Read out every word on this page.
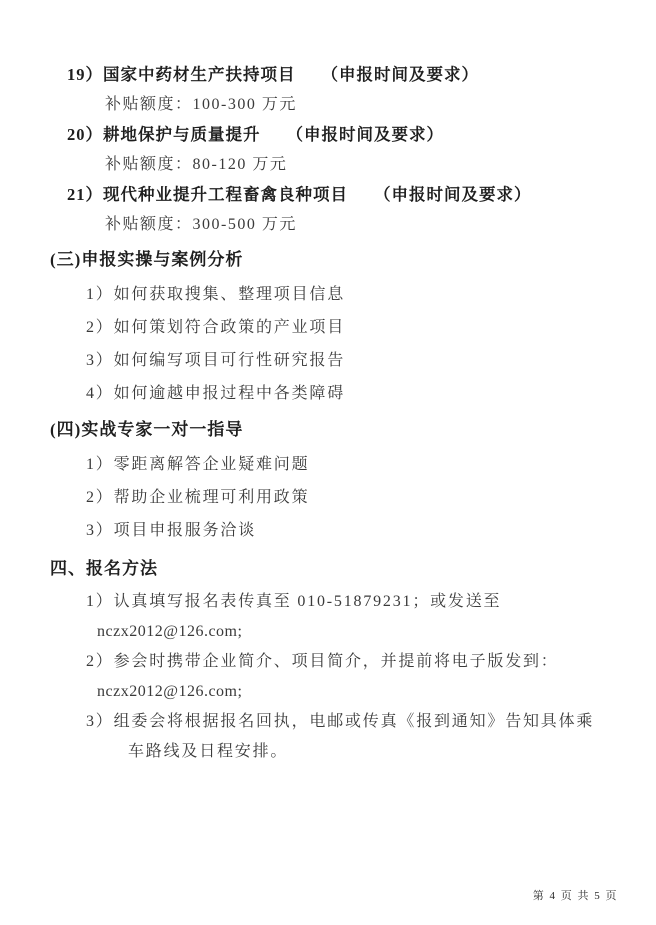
19）国家中药材生产扶持项目 （申报时间及要求）
补贴额度：100-300 万元
20）耕地保护与质量提升 （申报时间及要求）
补贴额度：80-120 万元
21）现代种业提升工程畜禽良种项目 （申报时间及要求）
补贴额度：300-500 万元
(三)申报实操与案例分析
1）如何获取搜集、整理项目信息
2）如何策划符合政策的产业项目
3）如何编写项目可行性研究报告
4）如何逾越申报过程中各类障碍
(四)实战专家一对一指导
1）零距离解答企业疑难问题
2）帮助企业梳理可利用政策
3）项目申报服务洽谈
四、报名方法
1）认真填写报名表传真至 010-51879231；或发送至
nczx2012@126.com;
2）参会时携带企业简介、项目简介，并提前将电子版发到：
nczx2012@126.com;
3）组委会将根据报名回执，电邮或传真《报到通知》告知具体乘
车路线及日程安排。
第 4 页 共 5 页
